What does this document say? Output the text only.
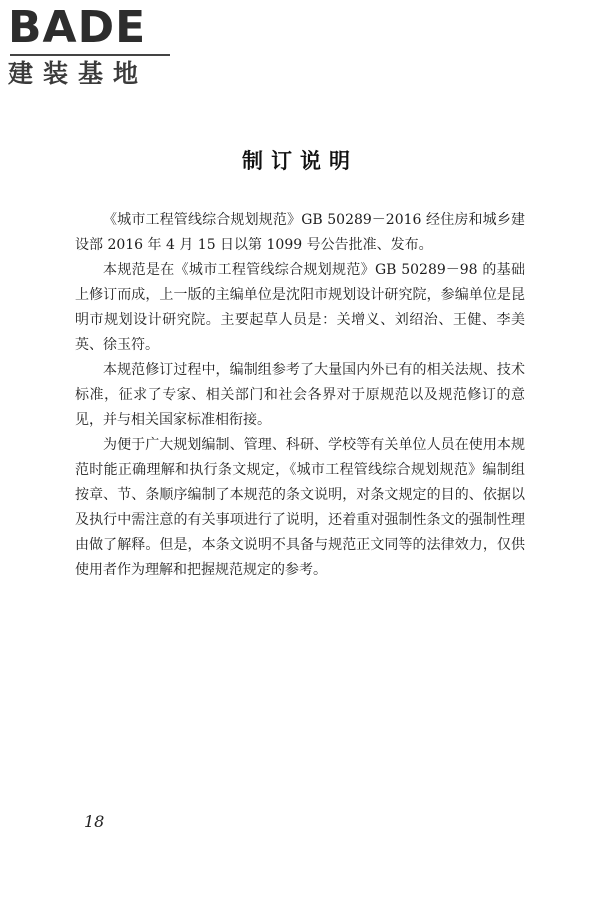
BADE
建装基地
制订说明

《城市工程管线综合规划规范》GB 50289－2016 经住房和城乡建设部 2016 年 4 月 15 日以第 1099 号公告批准、发布。

本规范是在《城市工程管线综合规划规范》GB 50289－98 的基础上修订而成，上一版的主编单位是沈阳市规划设计研究院，参编单位是昆明市规划设计研究院。主要起草人员是：关增义、刘绍治、王健、李美英、徐玉符。

本规范修订过程中，编制组参考了大量国内外已有的相关法规、技术标准，征求了专家、相关部门和社会各界对于原规范以及规范修订的意见，并与相关国家标准相衔接。

为便于广大规划编制、管理、科研、学校等有关单位人员在使用本规范时能正确理解和执行条文规定，《城市工程管线综合规划规范》编制组按章、节、条顺序编制了本规范的条文说明，对条文规定的目的、依据以及执行中需注意的有关事项进行了说明，还着重对强制性条文的强制性理由做了解释。但是，本条文说明不具备与规范正文同等的法律效力，仅供使用者作为理解和把握规范规定的参考。

18
